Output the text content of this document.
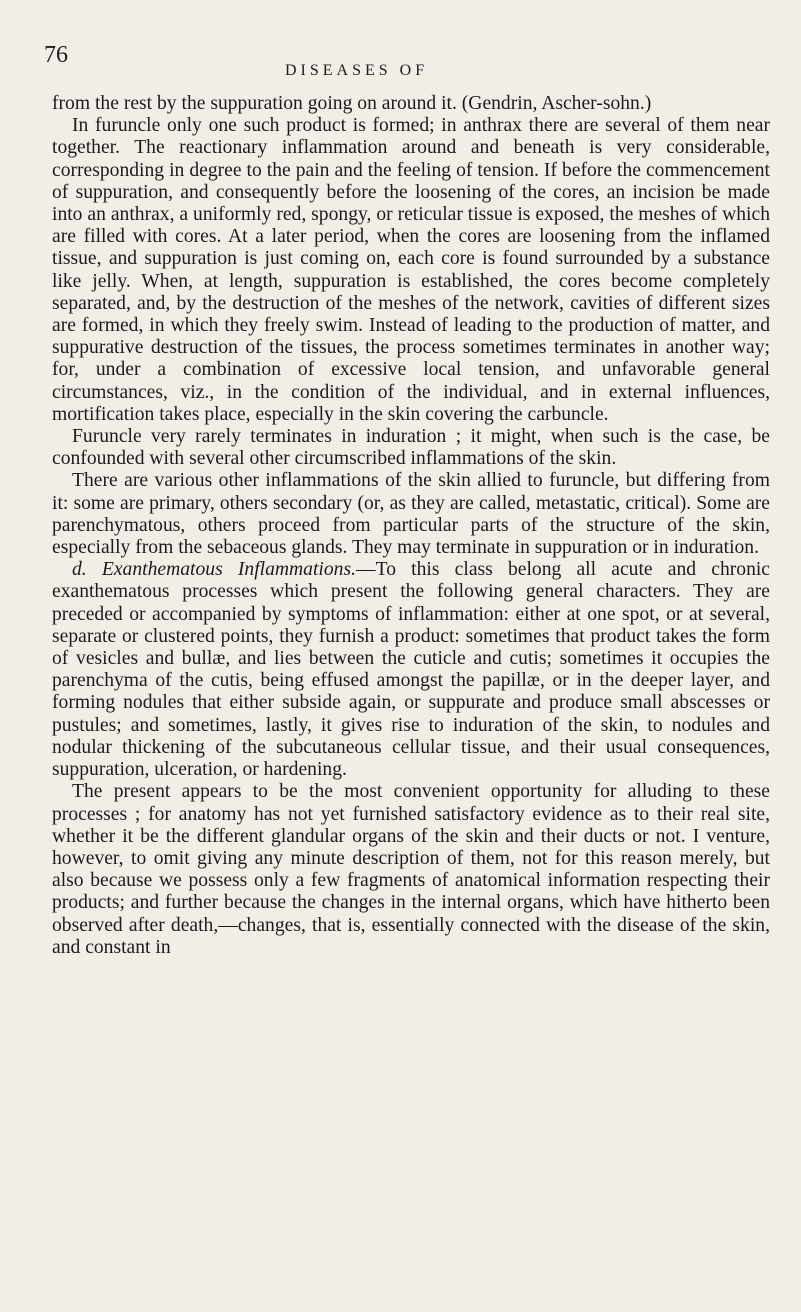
76
DISEASES OF

from the rest by the suppuration going on around it. (Gendrin, Ascher-sohn.)

In furuncle only one such product is formed; in anthrax there are several of them near together. The reactionary inflammation around and beneath is very considerable, corresponding in degree to the pain and the feeling of tension. If before the commencement of suppuration, and consequently before the loosening of the cores, an incision be made into an anthrax, a uniformly red, spongy, or reticular tissue is exposed, the meshes of which are filled with cores. At a later period, when the cores are loosening from the inflamed tissue, and suppuration is just coming on, each core is found surrounded by a substance like jelly. When, at length, suppuration is established, the cores become completely separated, and, by the destruction of the meshes of the network, cavities of different sizes are formed, in which they freely swim. Instead of leading to the production of matter, and suppurative destruction of the tissues, the process sometimes terminates in another way; for, under a combination of excessive local tension, and unfavorable general circumstances, viz., in the condition of the individual, and in external influences, mortification takes place, especially in the skin covering the carbuncle.

Furuncle very rarely terminates in induration ; it might, when such is the case, be confounded with several other circumscribed inflammations of the skin.

There are various other inflammations of the skin allied to furuncle, but differing from it: some are primary, others secondary (or, as they are called, metastatic, critical). Some are parenchymatous, others proceed from particular parts of the structure of the skin, especially from the sebaceous glands. They may terminate in suppuration or in induration.

d. Exanthematous Inflammations.—To this class belong all acute and chronic exanthematous processes which present the following general characters. They are preceded or accompanied by symptoms of inflammation: either at one spot, or at several, separate or clustered points, they furnish a product: sometimes that product takes the form of vesicles and bullæ, and lies between the cuticle and cutis; sometimes it occupies the parenchyma of the cutis, being effused amongst the papillæ, or in the deeper layer, and forming nodules that either subside again, or suppurate and produce small abscesses or pustules; and sometimes, lastly, it gives rise to induration of the skin, to nodules and nodular thickening of the subcutaneous cellular tissue, and their usual consequences, suppuration, ulceration, or hardening.

The present appears to be the most convenient opportunity for alluding to these processes ; for anatomy has not yet furnished satisfactory evidence as to their real site, whether it be the different glandular organs of the skin and their ducts or not. I venture, however, to omit giving any minute description of them, not for this reason merely, but also because we possess only a few fragments of anatomical information respecting their products; and further because the changes in the internal organs, which have hitherto been observed after death,—changes, that is, essentially connected with the disease of the skin, and constant in
